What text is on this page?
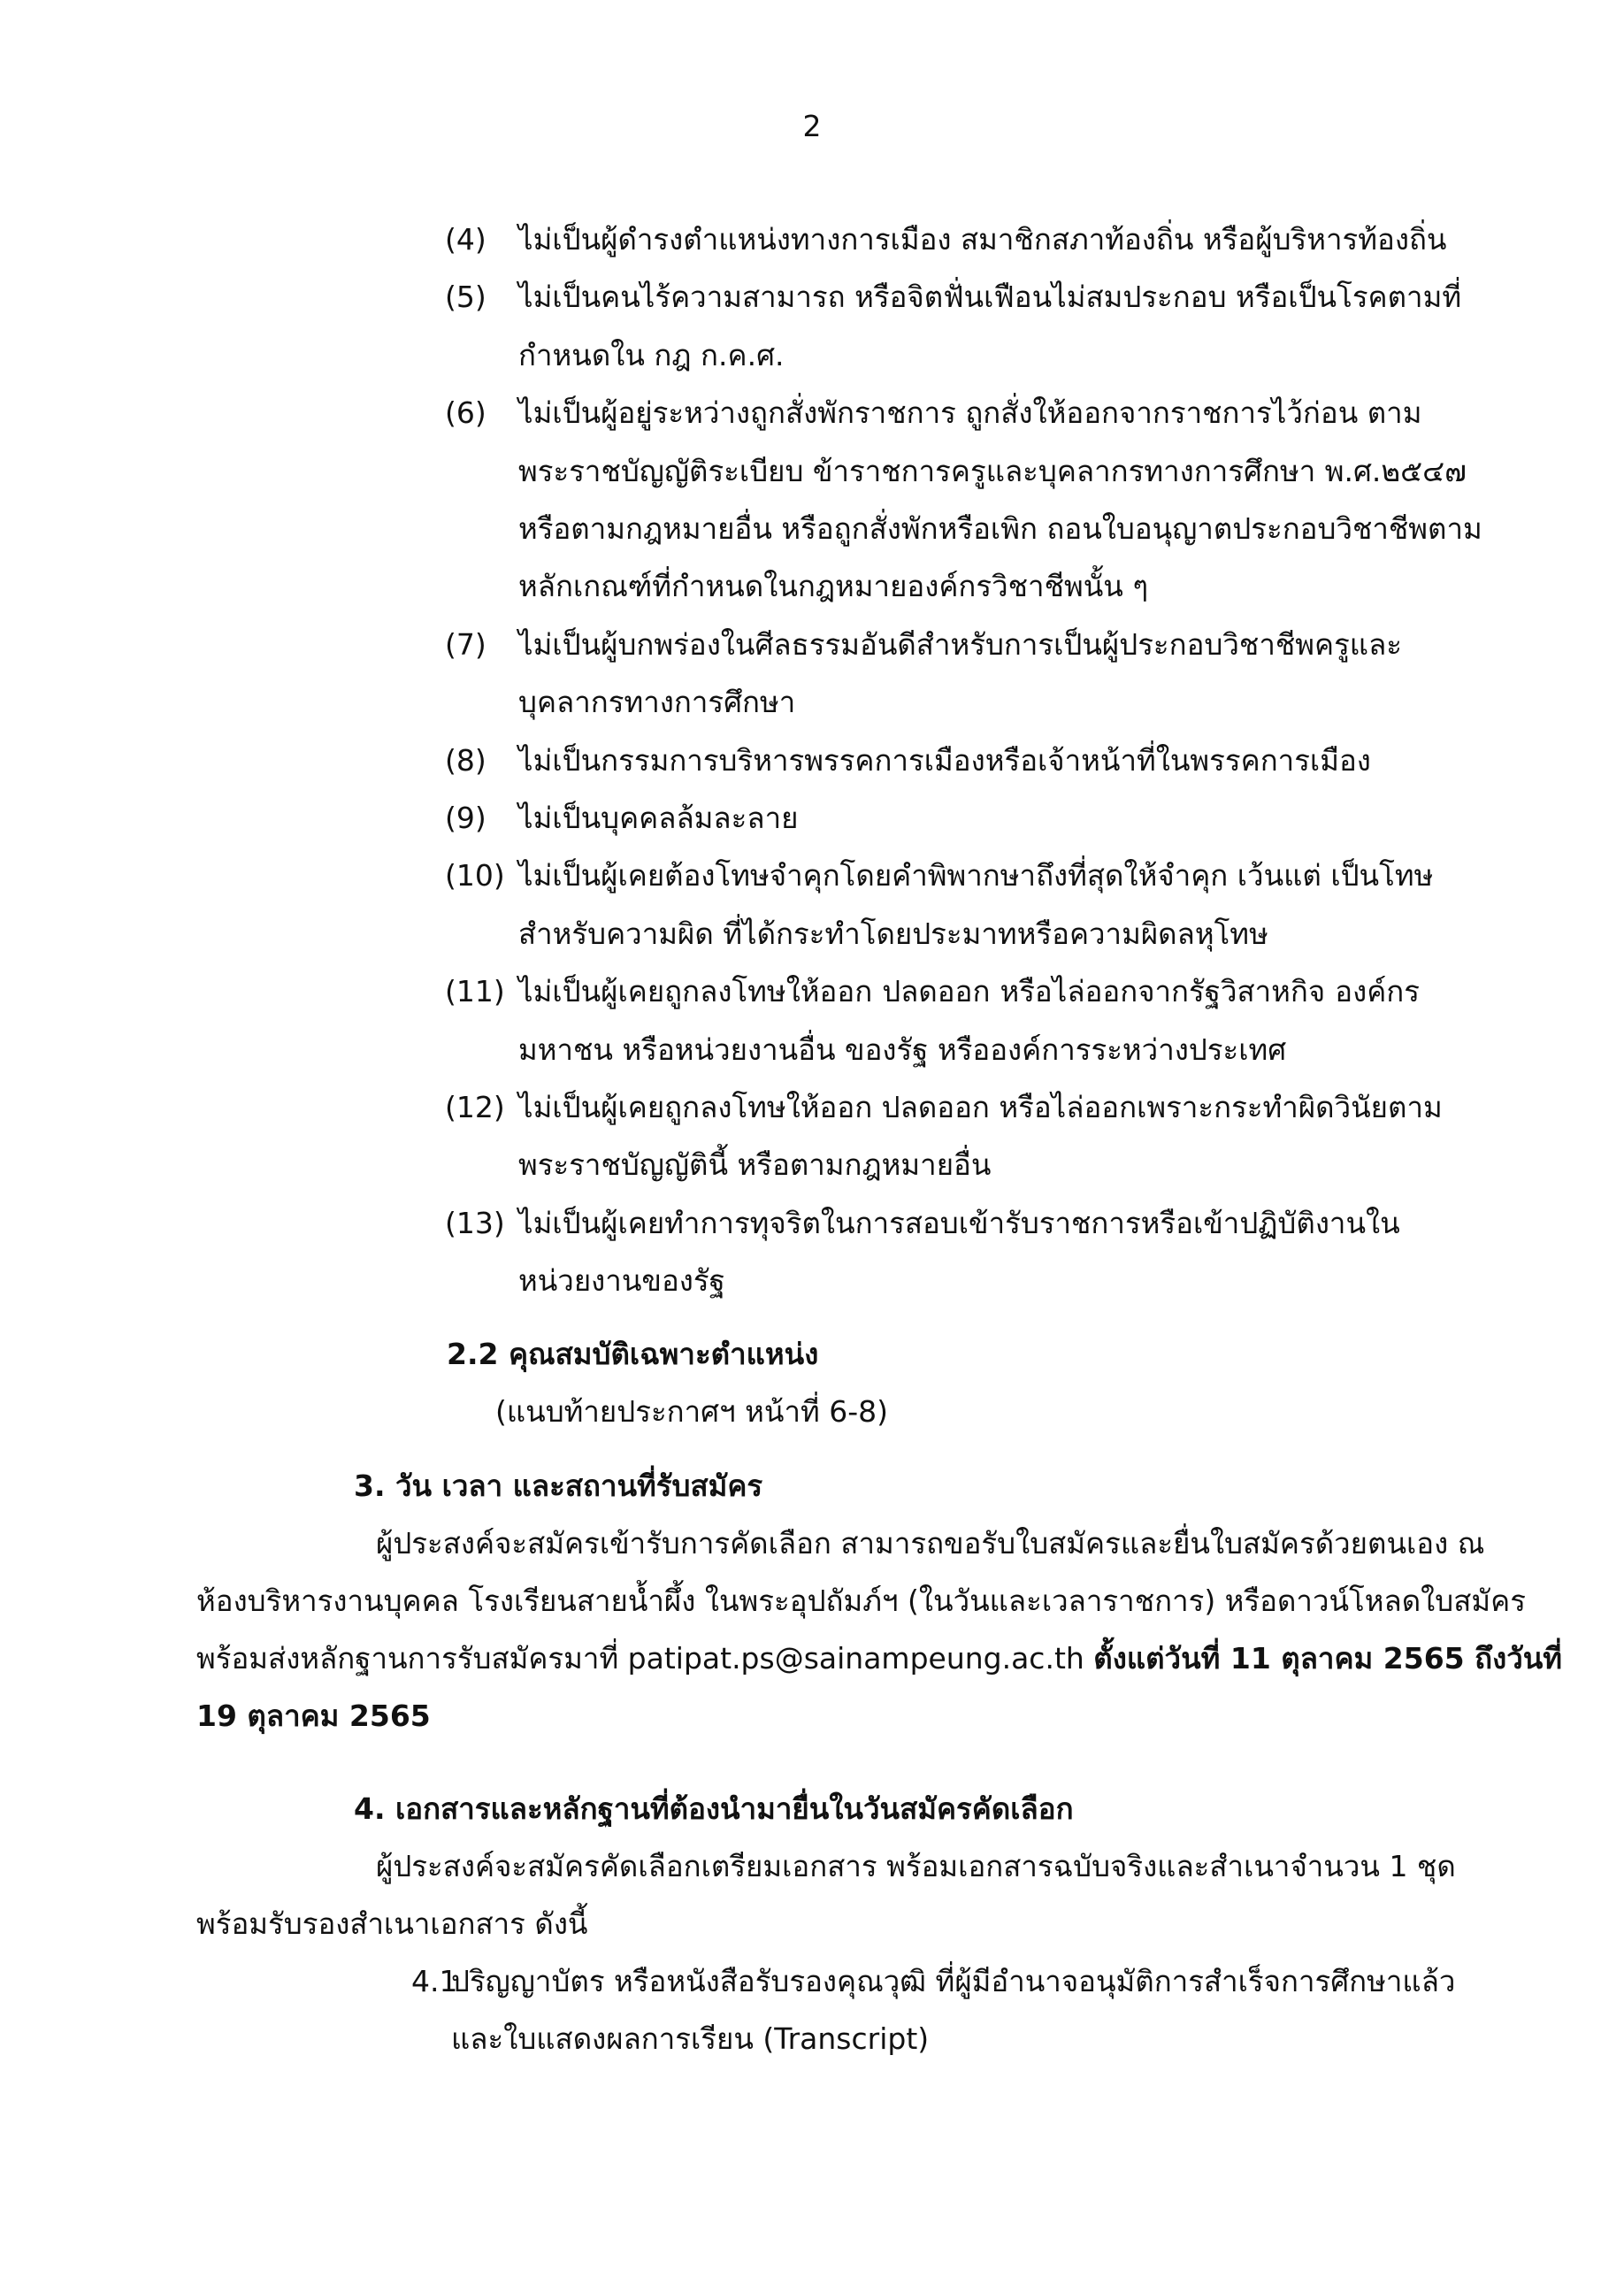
2
(4) ไม่เป็นผู้ดำรงตำแหน่งทางการเมือง สมาชิกสภาท้องถิ่น หรือผู้บริหารท้องถิ่น
(5) ไม่เป็นคนไร้ความสามารถ หรือจิตฟั่นเฟือนไม่สมประกอบ หรือเป็นโรคตามที่
กำหนดใน กฎ ก.ค.ศ.
(6) ไม่เป็นผู้อยู่ระหว่างถูกสั่งพักราชการ ถูกสั่งให้ออกจากราชการไว้ก่อน ตาม
พระราชบัญญัติระเบียบ ข้าราชการครูและบุคลากรทางการศึกษา พ.ศ.๒๕๔๗
หรือตามกฎหมายอื่น หรือถูกสั่งพักหรือเพิก ถอนใบอนุญาตประกอบวิชาชีพตาม
หลักเกณฑ์ที่กำหนดในกฎหมายองค์กรวิชาชีพนั้น ๆ
(7) ไม่เป็นผู้บกพร่องในศีลธรรมอันดีสำหรับการเป็นผู้ประกอบวิชาชีพครูและ
บุคลากรทางการศึกษา
(8) ไม่เป็นกรรมการบริหารพรรคการเมืองหรือเจ้าหน้าที่ในพรรคการเมือง
(9) ไม่เป็นบุคคลล้มละลาย
(10) ไม่เป็นผู้เคยต้องโทษจำคุกโดยคำพิพากษาถึงที่สุดให้จำคุก เว้นแต่ เป็นโทษ
สำหรับความผิด ที่ได้กระทำโดยประมาทหรือความผิดลหุโทษ
(11) ไม่เป็นผู้เคยถูกลงโทษให้ออก ปลดออก หรือไล่ออกจากรัฐวิสาหกิจ องค์กร
มหาชน หรือหน่วยงานอื่น ของรัฐ หรือองค์การระหว่างประเทศ
(12) ไม่เป็นผู้เคยถูกลงโทษให้ออก ปลดออก หรือไล่ออกเพราะกระทำผิดวินัยตาม
พระราชบัญญัตินี้ หรือตามกฎหมายอื่น
(13) ไม่เป็นผู้เคยทำการทุจริตในการสอบเข้ารับราชการหรือเข้าปฏิบัติงานใน
หน่วยงานของรัฐ
2.2 คุณสมบัติเฉพาะตำแหน่ง
(แนบท้ายประกาศฯ หน้าที่ 6-8)
3. วัน เวลา และสถานที่รับสมัคร
ผู้ประสงค์จะสมัครเข้ารับการคัดเลือก สามารถขอรับใบสมัครและยื่นใบสมัครด้วยตนเอง ณ
ห้องบริหารงานบุคคล โรงเรียนสายน้ำผึ้ง ในพระอุปถัมภ์ฯ (ในวันและเวลาราชการ) หรือดาวน์โหลดใบสมัคร
พร้อมส่งหลักฐานการรับสมัครมาที่ patipat.ps@sainampeung.ac.th ตั้งแต่วันที่ 11 ตุลาคม 2565 ถึงวันที่
19 ตุลาคม 2565
4. เอกสารและหลักฐานที่ต้องนำมายื่นในวันสมัครคัดเลือก
ผู้ประสงค์จะสมัครคัดเลือกเตรียมเอกสาร พร้อมเอกสารฉบับจริงและสำเนาจำนวน 1 ชุด
พร้อมรับรองสำเนาเอกสาร ดังนี้
4.1
ปริญญาบัตร หรือหนังสือรับรองคุณวุฒิ ที่ผู้มีอำนาจอนุมัติการสำเร็จการศึกษาแล้ว
และใบแสดงผลการเรียน (Transcript)
